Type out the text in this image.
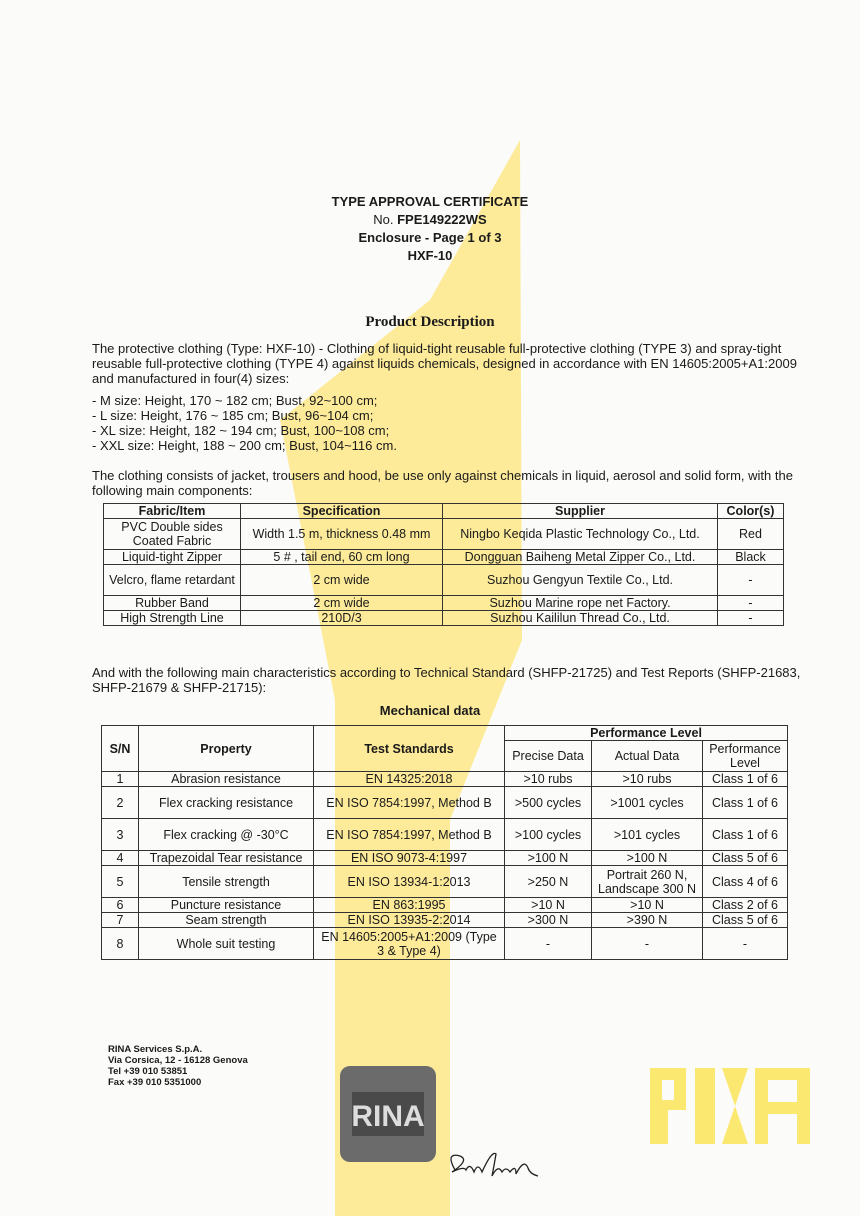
RINA
TYPE APPROVAL CERTIFICATE
No. FPE149222WS
Enclosure - Page 1 of 3
HXF-10
Product Description
The protective clothing (Type: HXF-10) - Clothing of liquid-tight reusable full-protective clothing (TYPE 3) and spray-tight reusable full-protective clothing (TYPE 4) against liquids chemicals, designed in accordance with EN 14605:2005+A1:2009 and manufactured in four(4) sizes:
- M size: Height, 170 ~ 182 cm; Bust, 92~100 cm;
- L size: Height, 176 ~ 185 cm; Bust, 96~104 cm;
- XL size: Height, 182 ~ 194 cm; Bust, 100~108 cm;
- XXL size: Height, 188 ~ 200 cm; Bust, 104~116 cm.
The clothing consists of jacket, trousers and hood, be use only against chemicals in liquid, aerosol and solid form, with the following main components:
Fabric/Item	Specification	Supplier	Color(s)
PVC Double sides Coated Fabric	Width 1.5 m, thickness 0.48 mm	Ningbo Keqida Plastic Technology Co., Ltd.	Red
Liquid-tight Zipper	5 # , tail end, 60 cm long	Dongguan Baiheng Metal Zipper Co., Ltd.	Black
Velcro, flame retardant	2 cm wide	Suzhou Gengyun Textile Co., Ltd.	-
Rubber Band	2 cm wide	Suzhou Marine rope net Factory.	-
High Strength Line	210D/3	Suzhou Kaililun Thread Co., Ltd.	-
And with the following main characteristics according to Technical Standard (SHFP-21725) and Test Reports (SHFP-21683, SHFP-21679 & SHFP-21715):
Mechanical data
S/N	Property	Test Standards	Performance Level		
			Precise Data	Actual Data	Performance Level
1	Abrasion resistance	EN 14325:2018	>10 rubs	>10 rubs	Class 1 of 6
2	Flex cracking resistance	EN ISO 7854:1997, Method B	>500 cycles	>1001 cycles	Class 1 of 6
3	Flex cracking @ -30°C	EN ISO 7854:1997, Method B	>100 cycles	>101 cycles	Class 1 of 6
4	Trapezoidal Tear resistance	EN ISO 9073-4:1997	>100 N	>100 N	Class 5 of 6
5	Tensile strength	EN ISO 13934-1:2013	>250 N	Portrait 260 N, Landscape 300 N	Class 4 of 6
6	Puncture resistance	EN 863:1995	>10 N	>10 N	Class 2 of 6
7	Seam strength	EN ISO 13935-2:2014	>300 N	>390 N	Class 5 of 6
8	Whole suit testing	EN 14605:2005+A1:2009 (Type 3 & Type 4)	-	-	-
RINA Services S.p.A.
Via Corsica, 12 - 16128 Genova
Tel +39 010 53851
Fax +39 010 5351000
